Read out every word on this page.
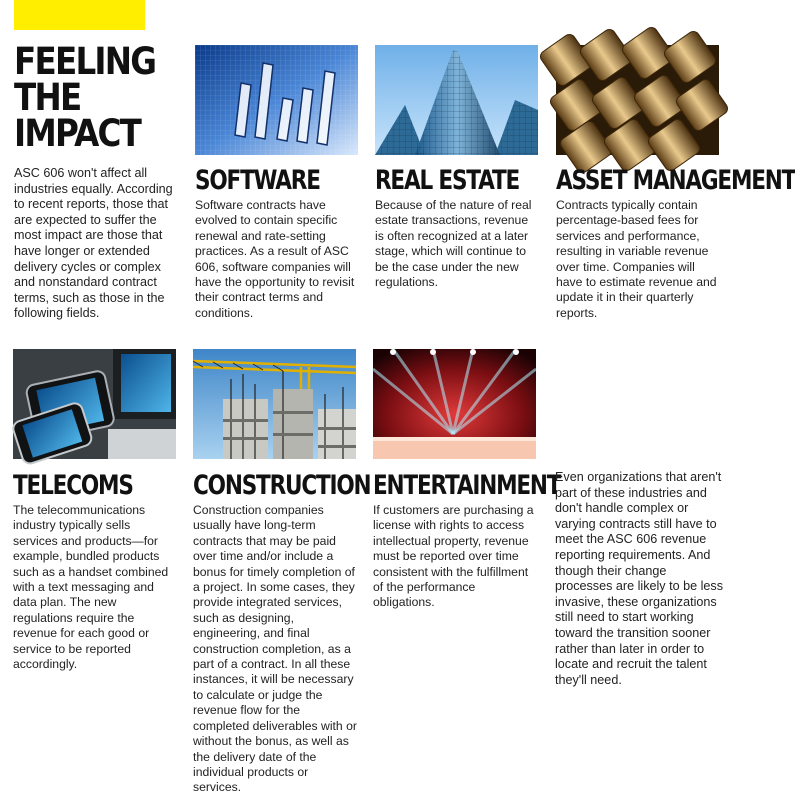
FEELING
THE
IMPACT

ASC 606 won't affect all industries equally. According to recent reports, those that are expected to suffer the most impact are those that have longer or extended delivery cycles or complex and nonstandard contract terms, such as those in the following fields.

SOFTWARE

Software contracts have evolved to contain specific renewal and rate-setting practices. As a result of ASC 606, software companies will have the opportunity to revisit their contract terms and conditions.

REAL ESTATE

Because of the nature of real estate transactions, revenue is often recognized at a later stage, which will continue to be the case under the new regulations.

ASSET MANAGEMENT

Contracts typically contain percentage-based fees for services and performance, resulting in variable revenue over time. Companies will have to estimate revenue and update it in their quarterly reports.

TELECOMS

The telecommunications industry typically sells services and products—for example, bundled products such as a handset combined with a text messaging and data plan. The new regulations require the revenue for each good or service to be reported accordingly.

CONSTRUCTION

Construction companies usually have long-term contracts that may be paid over time and/or include a bonus for timely completion of a project. In some cases, they provide integrated services, such as designing, engineering, and final construction completion, as a part of a contract. In all these instances, it will be necessary to calculate or judge the revenue flow for the completed deliverables with or without the bonus, as well as the delivery date of the individual products or services.

ENTERTAINMENT

If customers are purchasing a license with rights to access intellectual property, revenue must be reported over time consistent with the fulfillment of the performance obligations.

Even organizations that aren't part of these industries and don't handle complex or varying contracts still have to meet the ASC 606 revenue reporting requirements. And though their change processes are likely to be less invasive, these organizations still need to start working toward the transition sooner rather than later in order to locate and recruit the talent they'll need.
